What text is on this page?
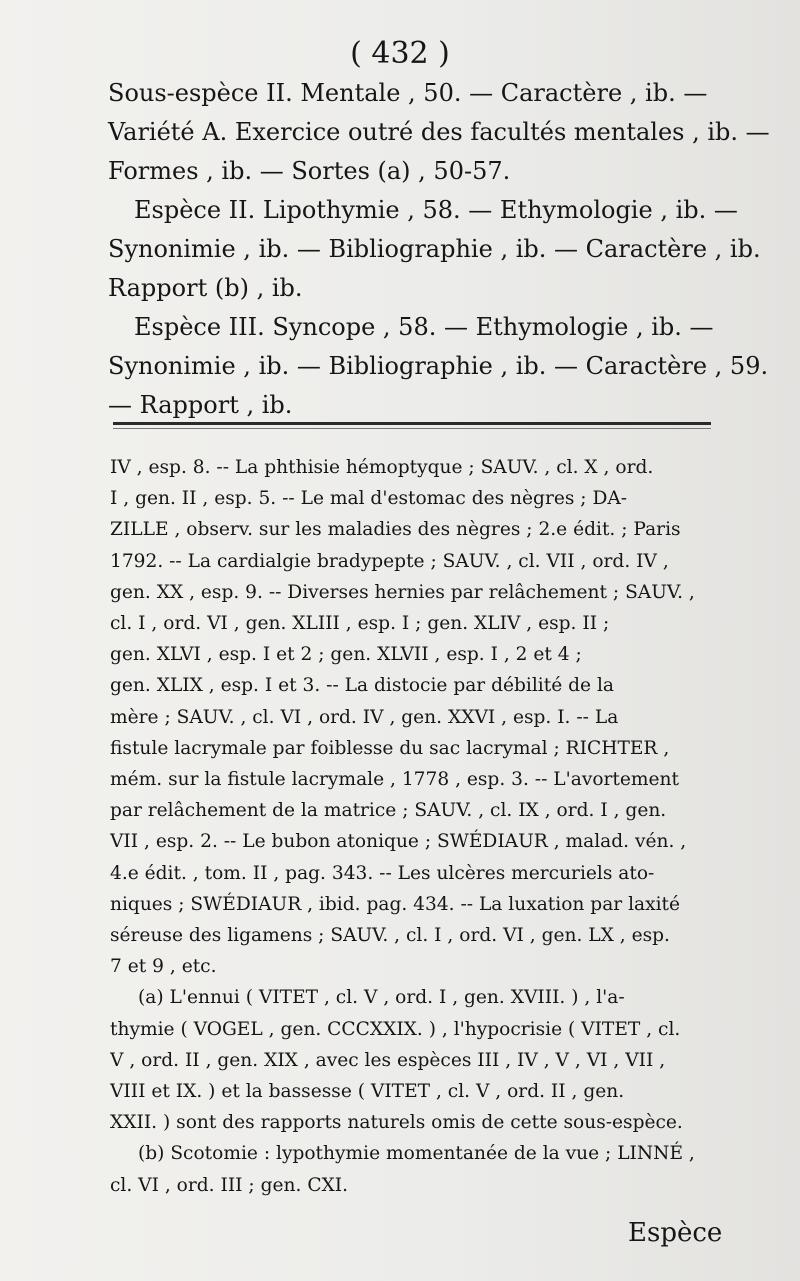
( 432 )
Sous-espèce II. Mentale , 50. — Caractère , ib. —
Variété A. Exercice outré des facultés mentales , ib. —
Formes , ib. — Sortes (a) , 50-57.
Espèce II. Lipothymie , 58. — Ethymologie , ib. —
Synonimie , ib. — Bibliographie , ib. — Caractère , ib.
Rapport (b) , ib.
Espèce III. Syncope , 58. — Ethymologie , ib. —
Synonimie , ib. — Bibliographie , ib. — Caractère , 59.
— Rapport , ib.
IV , esp. 8. -- La phthisie hémoptyque ; SAUV. , cl. X , ord.
I , gen. II , esp. 5. -- Le mal d'estomac des nègres ; DA-
ZILLE , observ. sur les maladies des nègres ; 2.e édit. ; Paris
1792. -- La cardialgie bradypepte ; SAUV. , cl. VII , ord. IV ,
gen. XX , esp. 9. -- Diverses hernies par relâchement ; SAUV. ,
cl. I , ord. VI , gen. XLIII , esp. I ; gen. XLIV , esp. II ;
gen. XLVI , esp. I et 2 ; gen. XLVII , esp. I , 2 et 4 ;
gen. XLIX , esp. I et 3. -- La distocie par débilité de la
mère ; SAUV. , cl. VI , ord. IV , gen. XXVI , esp. I. -- La
fistule lacrymale par foiblesse du sac lacrymal ; RICHTER ,
mém. sur la fistule lacrymale , 1778 , esp. 3. -- L'avortement
par relâchement de la matrice ; SAUV. , cl. IX , ord. I , gen.
VII , esp. 2. -- Le bubon atonique ; SWÉDIAUR , malad. vén. ,
4.e édit. , tom. II , pag. 343. -- Les ulcères mercuriels ato-
niques ; SWÉDIAUR , ibid. pag. 434. -- La luxation par laxité
séreuse des ligamens ; SAUV. , cl. I , ord. VI , gen. LX , esp.
7 et 9 , etc.
(a) L'ennui ( VITET , cl. V , ord. I , gen. XVIII. ) , l'a-
thymie ( VOGEL , gen. CCCXXIX. ) , l'hypocrisie ( VITET , cl.
V , ord. II , gen. XIX , avec les espèces III , IV , V , VI , VII ,
VIII et IX. ) et la bassesse ( VITET , cl. V , ord. II , gen.
XXII. ) sont des rapports naturels omis de cette sous-espèce.
(b) Scotomie : lypothymie momentanée de la vue ; LINNÉ ,
cl. VI , ord. III ; gen. CXI.
Espèce
